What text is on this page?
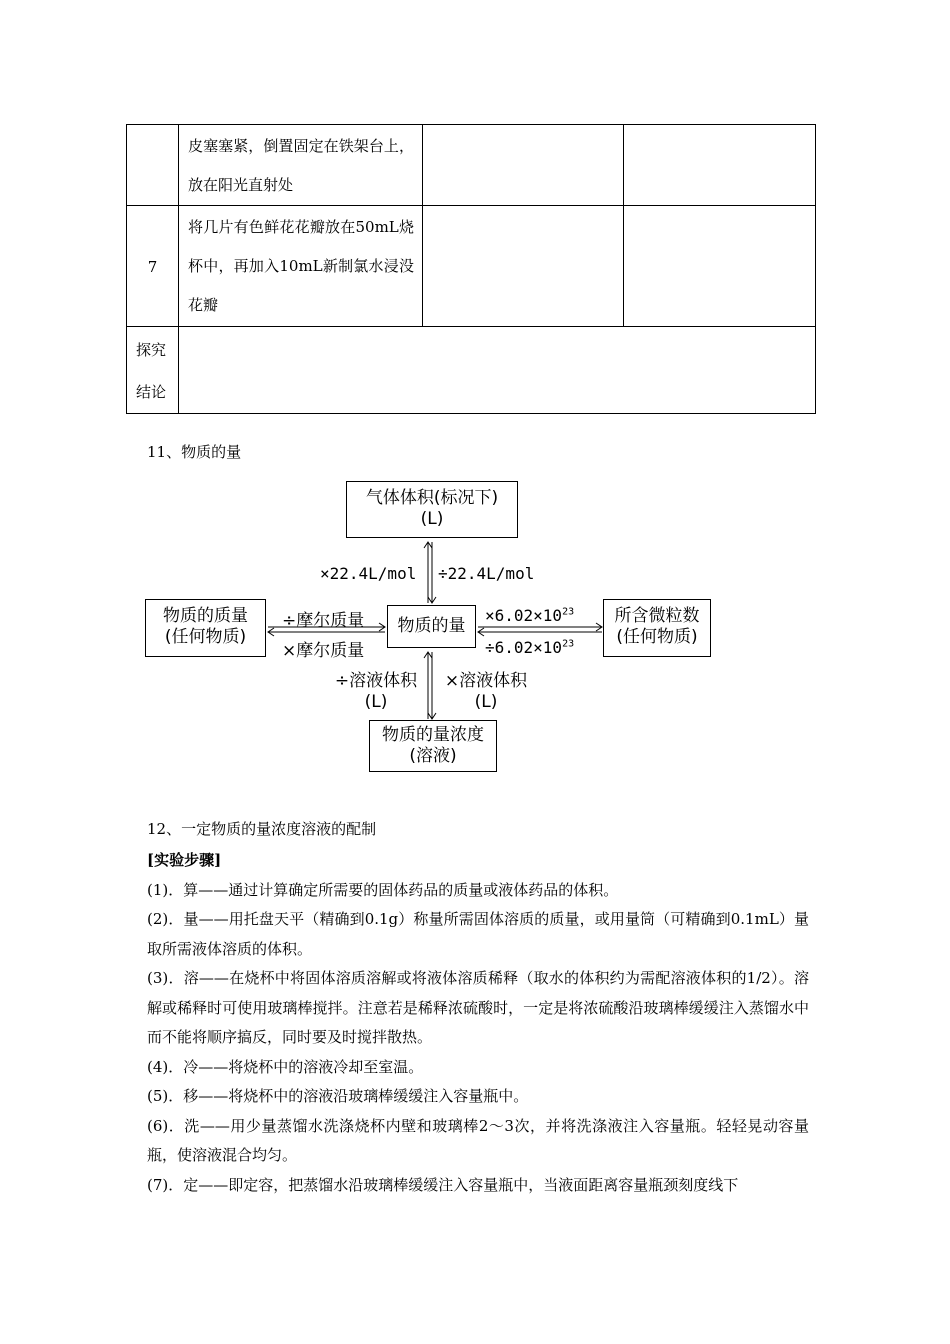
	皮塞塞紧，倒置固定在铁架台上，放在阳光直射处		

7	将几片有色鲜花花瓣放在50mL烧杯中，再加入10mL新制氯水浸没花瓣		

探究
结论			

11、物质的量
气体体积(标况下)
(L)
物质的质量
(任何物质)
物质的量	所含微粒数
(任何物质)
物质的量浓度
(溶液)
×22.4L/mol ÷22.4L/mol
÷摩尔质量
×摩尔质量
$\times 6.02\times 10^{23}$
$\div 6.02\times 10^{23}$
÷溶液体积
(L)
×溶液体积
(L)
12、一定物质的量浓度溶液的配制

[实验步骤]

(1)．算——通过计算确定所需要的固体药品的质量或液体药品的体积。

(2)．量——用托盘天平（精确到0.1g）称量所需固体溶质的质量，或用量筒（可精确到0.1mL）量取所需液体溶质的体积。

(3)．溶——在烧杯中将固体溶质溶解或将液体溶质稀释（取水的体积约为需配溶液体积的1/2）。溶解或稀释时可使用玻璃棒搅拌。注意若是稀释浓硫酸时，一定是将浓硫酸沿玻璃棒缓缓注入蒸馏水中而不能将顺序搞反，同时要及时搅拌散热。

(4)．冷——将烧杯中的溶液冷却至室温。

(5)．移——将烧杯中的溶液沿玻璃棒缓缓注入容量瓶中。

(6)．洗——用少量蒸馏水洗涤烧杯内壁和玻璃棒2～3次，并将洗涤液注入容量瓶。轻轻晃动容量瓶，使溶液混合均匀。

(7)．定——即定容，把蒸馏水沿玻璃棒缓缓注入容量瓶中，当液面距离容量瓶颈刻度线下
